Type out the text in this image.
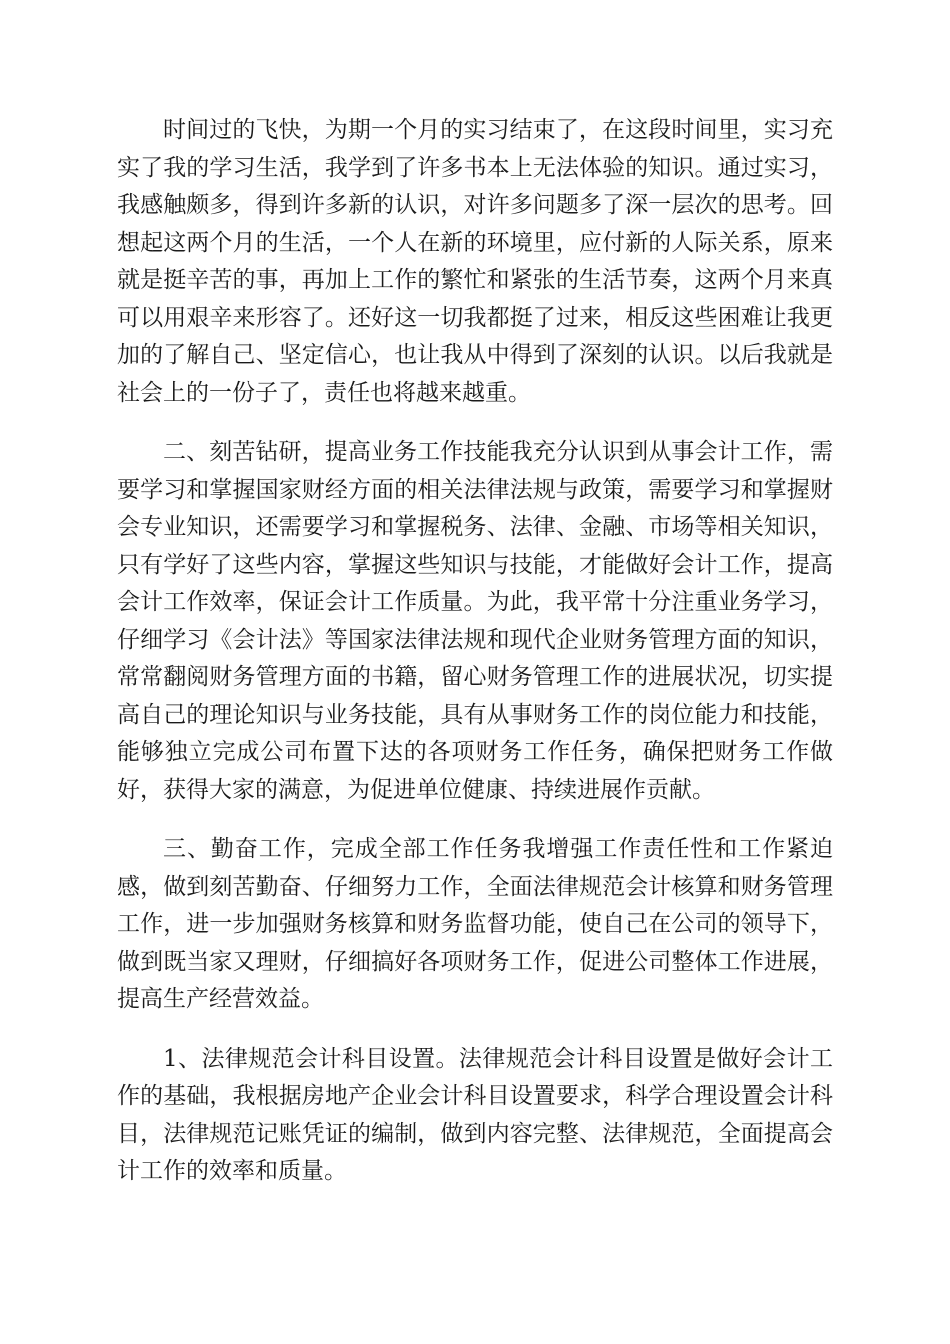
时间过的飞快，为期一个月的实习结束了，在这段时间里，实习充实了我的学习生活，我学到了许多书本上无法体验的知识。通过实习，我感触颇多，得到许多新的认识，对许多问题多了深一层次的思考。回想起这两个月的生活，一个人在新的环境里，应付新的人际关系，原来就是挺辛苦的事，再加上工作的繁忙和紧张的生活节奏，这两个月来真可以用艰辛来形容了。还好这一切我都挺了过来，相反这些困难让我更加的了解自己、坚定信心，也让我从中得到了深刻的认识。以后我就是社会上的一份子了，责任也将越来越重。

二、刻苦钻研，提高业务工作技能我充分认识到从事会计工作，需要学习和掌握国家财经方面的相关法律法规与政策，需要学习和掌握财会专业知识，还需要学习和掌握税务、法律、金融、市场等相关知识，只有学好了这些内容，掌握这些知识与技能，才能做好会计工作，提高会计工作效率，保证会计工作质量。为此，我平常十分注重业务学习，仔细学习《会计法》等国家法律法规和现代企业财务管理方面的知识，常常翻阅财务管理方面的书籍，留心财务管理工作的进展状况，切实提高自己的理论知识与业务技能，具有从事财务工作的岗位能力和技能，能够独立完成公司布置下达的各项财务工作任务，确保把财务工作做好，获得大家的满意，为促进单位健康、持续进展作贡献。

三、勤奋工作，完成全部工作任务我增强工作责任性和工作紧迫感，做到刻苦勤奋、仔细努力工作，全面法律规范会计核算和财务管理工作，进一步加强财务核算和财务监督功能，使自己在公司的领导下，做到既当家又理财，仔细搞好各项财务工作，促进公司整体工作进展，提高生产经营效益。

1、法律规范会计科目设置。法律规范会计科目设置是做好会计工作的基础，我根据房地产企业会计科目设置要求，科学合理设置会计科目，法律规范记账凭证的编制，做到内容完整、法律规范，全面提高会计工作的效率和质量。
